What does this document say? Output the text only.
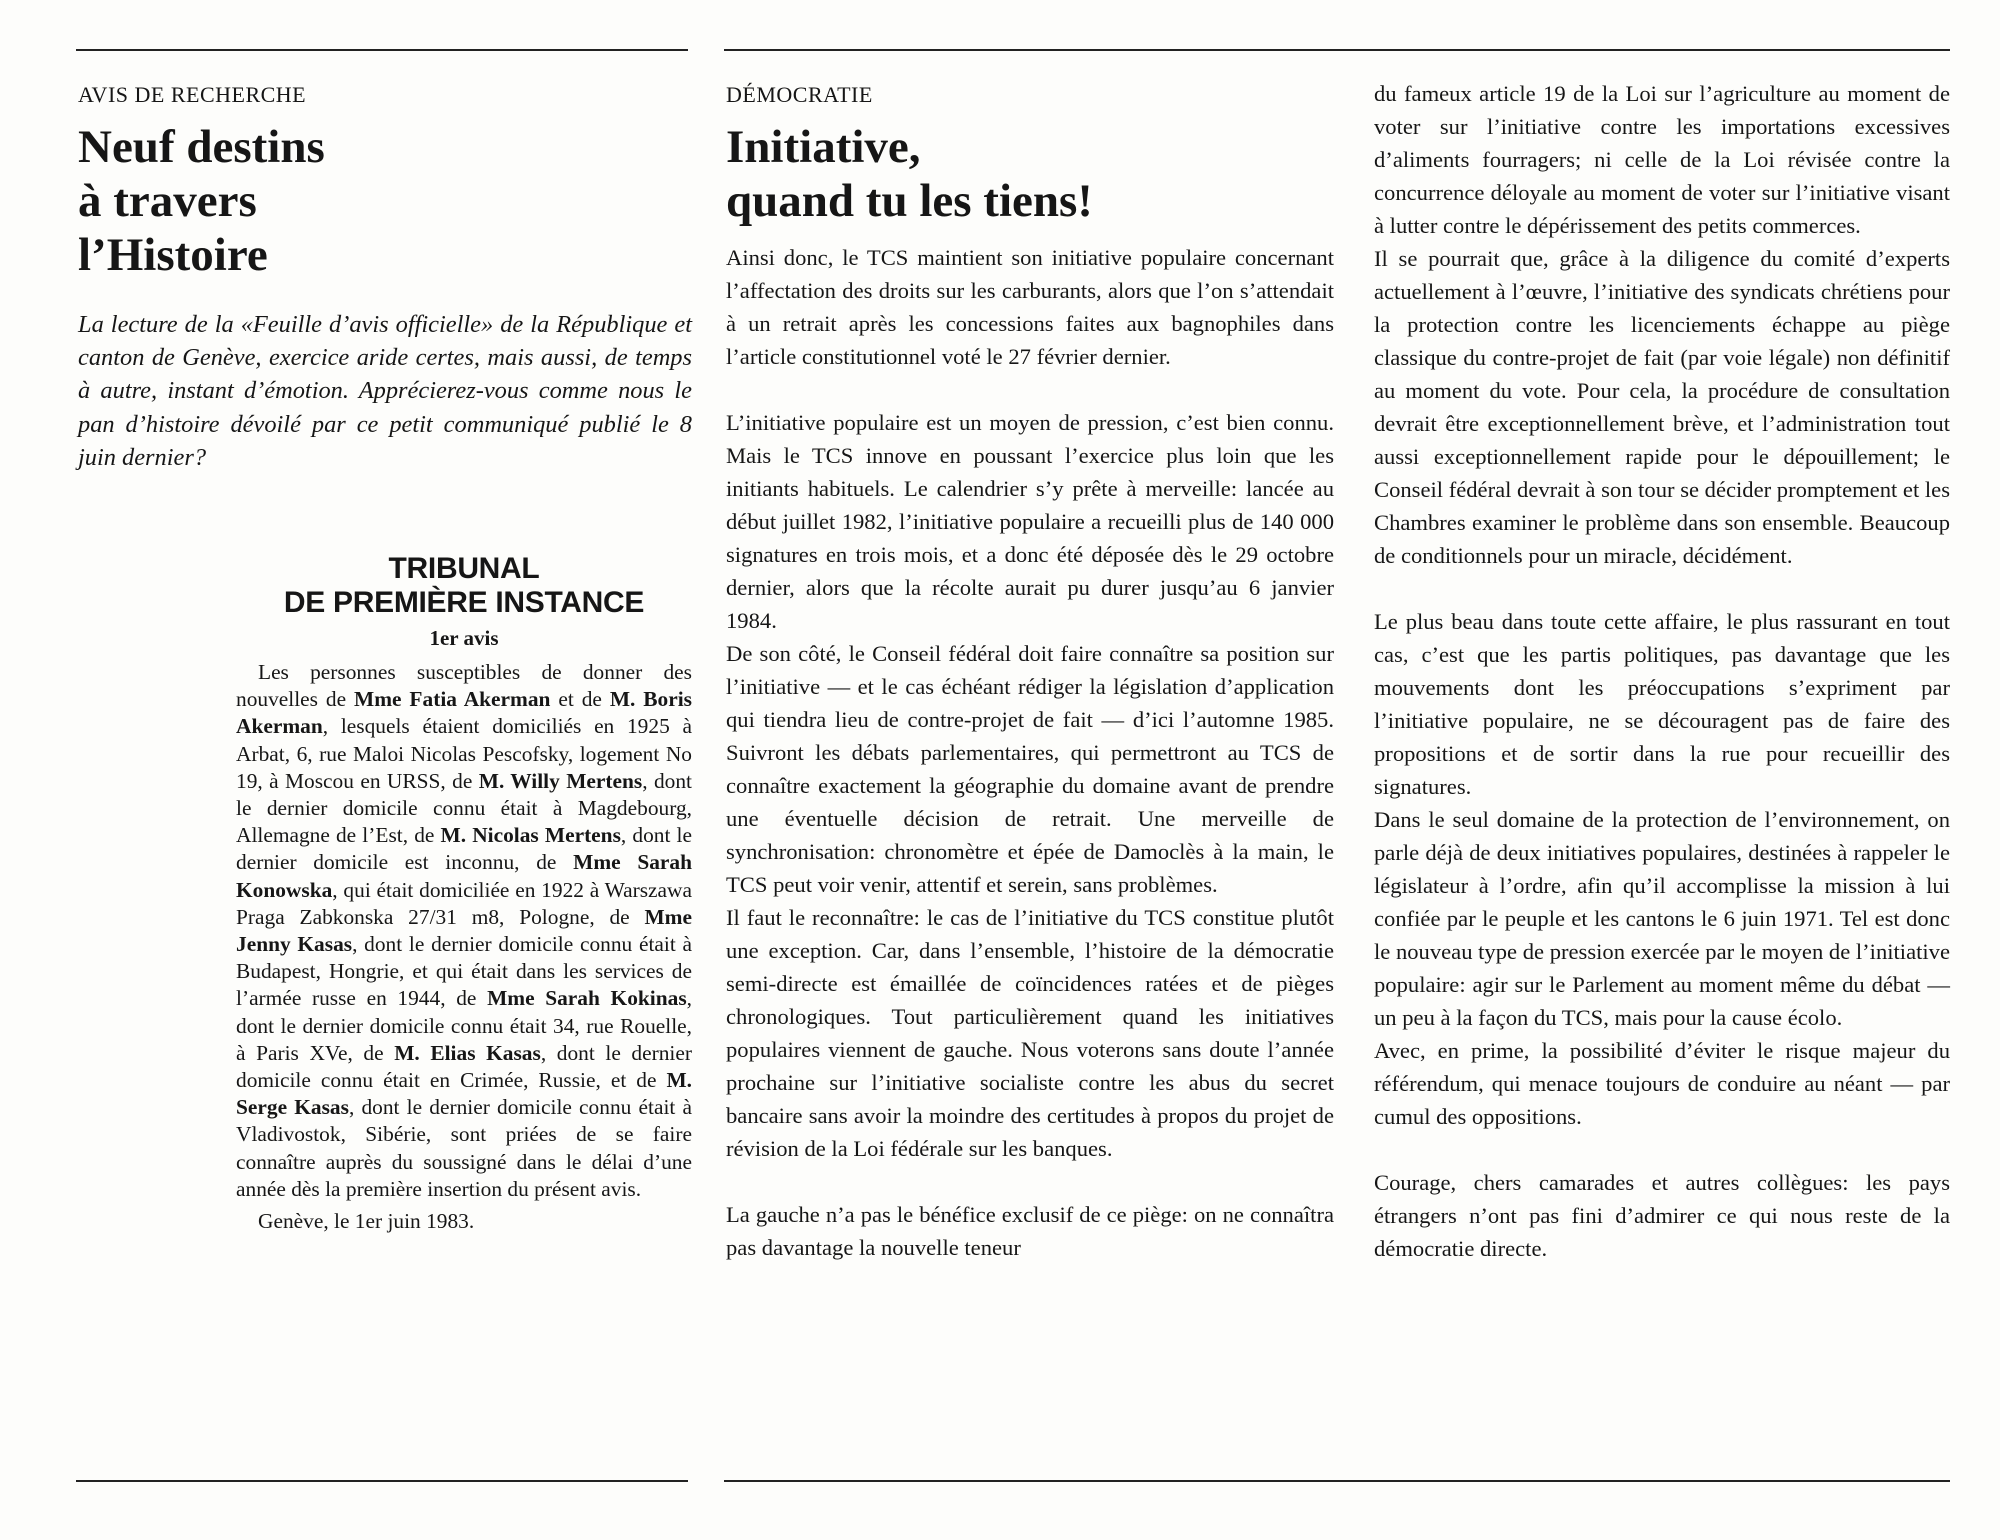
AVIS DE RECHERCHE
Neuf destins
à travers
l’Histoire

La lecture de la «Feuille d’avis officielle» de la République et canton de Genève, exercice aride certes, mais aussi, de temps à autre, instant d’émotion. Apprécierez-vous comme nous le pan d’histoire dévoilé par ce petit communiqué publié le 8 juin dernier?

TRIBUNAL
DE PREMIÈRE INSTANCE
1er avis

Les personnes susceptibles de donner des nouvelles de Mme Fatia Akerman et de M. Boris Akerman, lesquels étaient domiciliés en 1925 à Arbat, 6, rue Maloi Nicolas Pescofsky, logement No 19, à Moscou en URSS, de M. Willy Mertens, dont le dernier domicile connu était à Magdebourg, Allemagne de l’Est, de M. Nicolas Mertens, dont le dernier domicile est inconnu, de Mme Sarah Konowska, qui était domiciliée en 1922 à Warszawa Praga Zabkonska 27/31 m8, Pologne, de Mme Jenny Kasas, dont le dernier domicile connu était à Budapest, Hongrie, et qui était dans les services de l’armée russe en 1944, de Mme Sarah Kokinas, dont le dernier domicile connu était 34, rue Rouelle, à Paris XVe, de M. Elias Kasas, dont le dernier domicile connu était en Crimée, Russie, et de M. Serge Kasas, dont le dernier domicile connu était à Vladivostok, Sibérie, sont priées de se faire connaître auprès du soussigné dans le délai d’une année dès la première insertion du présent avis.

Genève, le 1er juin 1983.

DÉMOCRATIE
Initiative,
quand tu les tiens!

Ainsi donc, le TCS maintient son initiative populaire concernant l’affectation des droits sur les carburants, alors que l’on s’attendait à un retrait après les concessions faites aux bagnophiles dans l’article constitutionnel voté le 27 février dernier.

L’initiative populaire est un moyen de pression, c’est bien connu. Mais le TCS innove en poussant l’exercice plus loin que les initiants habituels. Le calendrier s’y prête à merveille: lancée au début juillet 1982, l’initiative populaire a recueilli plus de 140 000 signatures en trois mois, et a donc été déposée dès le 29 octobre dernier, alors que la récolte aurait pu durer jusqu’au 6 janvier 1984.

De son côté, le Conseil fédéral doit faire connaître sa position sur l’initiative — et le cas échéant rédiger la législation d’application qui tiendra lieu de contre-projet de fait — d’ici l’automne 1985. Suivront les débats parlementaires, qui permettront au TCS de connaître exactement la géographie du domaine avant de prendre une éventuelle décision de retrait. Une merveille de synchronisation: chronomètre et épée de Damoclès à la main, le TCS peut voir venir, attentif et serein, sans problèmes.

Il faut le reconnaître: le cas de l’initiative du TCS constitue plutôt une exception. Car, dans l’ensemble, l’histoire de la démocratie semi-directe est émaillée de coïncidences ratées et de pièges chronologiques. Tout particulièrement quand les initiatives populaires viennent de gauche. Nous voterons sans doute l’année prochaine sur l’initiative socialiste contre les abus du secret bancaire sans avoir la moindre des certitudes à propos du projet de révision de la Loi fédérale sur les banques.

La gauche n’a pas le bénéfice exclusif de ce piège: on ne connaîtra pas davantage la nouvelle teneur

du fameux article 19 de la Loi sur l’agriculture au moment de voter sur l’initiative contre les importations excessives d’aliments fourragers; ni celle de la Loi révisée contre la concurrence déloyale au moment de voter sur l’initiative visant à lutter contre le dépérissement des petits commerces.

Il se pourrait que, grâce à la diligence du comité d’experts actuellement à l’œuvre, l’initiative des syndicats chrétiens pour la protection contre les licenciements échappe au piège classique du contre-projet de fait (par voie légale) non définitif au moment du vote. Pour cela, la procédure de consultation devrait être exceptionnellement brève, et l’administration tout aussi exceptionnellement rapide pour le dépouillement; le Conseil fédéral devrait à son tour se décider promptement et les Chambres examiner le problème dans son ensemble. Beaucoup de conditionnels pour un miracle, décidément.

Le plus beau dans toute cette affaire, le plus rassurant en tout cas, c’est que les partis politiques, pas davantage que les mouvements dont les préoccupations s’expriment par l’initiative populaire, ne se découragent pas de faire des propositions et de sortir dans la rue pour recueillir des signatures.

Dans le seul domaine de la protection de l’environnement, on parle déjà de deux initiatives populaires, destinées à rappeler le législateur à l’ordre, afin qu’il accomplisse la mission à lui confiée par le peuple et les cantons le 6 juin 1971. Tel est donc le nouveau type de pression exercée par le moyen de l’initiative populaire: agir sur le Parlement au moment même du débat — un peu à la façon du TCS, mais pour la cause écolo.

Avec, en prime, la possibilité d’éviter le risque majeur du référendum, qui menace toujours de conduire au néant — par cumul des oppositions.

Courage, chers camarades et autres collègues: les pays étrangers n’ont pas fini d’admirer ce qui nous reste de la démocratie directe.
